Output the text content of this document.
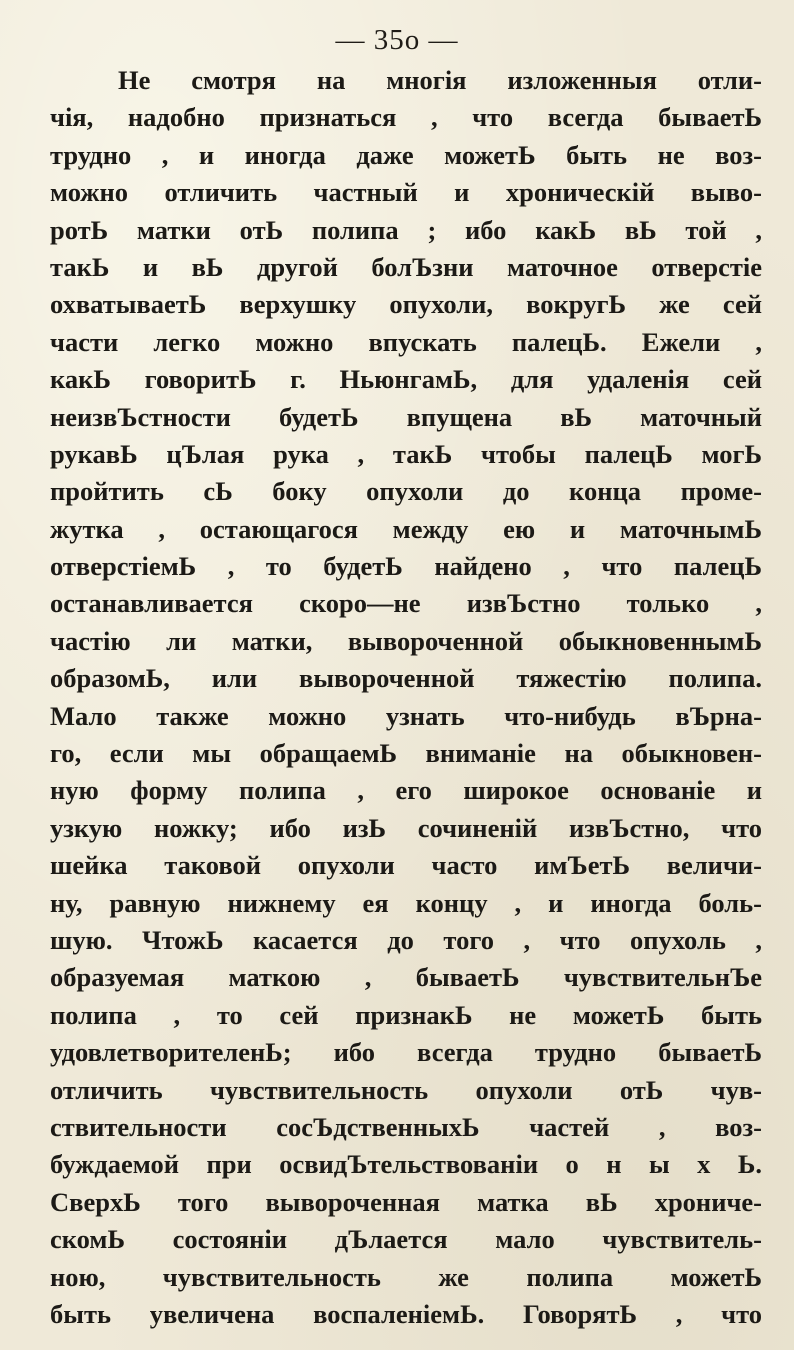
— 35о —
Не смотря на многія изложенныя отли-
чія, надобно признаться , что всегда бываетЬ
трудно , и иногда даже можетЬ быть не воз-
можно отличить частный и хроническій выво-
ротЬ матки отЬ полипа ; ибо какЬ вЬ той ,
такЬ и вЬ другой болЪзни маточное отверстіе
охватываетЬ верхушку опухоли, вокругЬ же сей
части легко можно впускать палецЬ. Ежели ,
какЬ говоритЬ г. НьюнгамЬ, для удаленія сей
неизвЪстности будетЬ впущена вЬ маточный
рукавЬ цЪлая рука , такЬ чтобы палецЬ могЬ
пройтить сЬ боку опухоли до конца проме-
жутка , остающагося между ею и маточнымЬ
отверстіемЬ , то будетЬ найдено , что палецЬ
останавливается скоро—не извЪстно только ,
частію ли матки, вывороченной обыкновеннымЬ
образомЬ, или вывороченной тяжестію полипа.
Мало также можно узнать что-нибудь вЪрна-
го, если мы обращаемЬ вниманіе на обыкновен-
ную форму полипа , его широкое основаніе и
узкую ножку; ибо изЬ сочиненій извЪстно, что
шейка таковой опухоли часто имЪетЬ величи-
ну, равную нижнему ея концу , и иногда боль-
шую. ЧтожЬ касается до того , что опухоль ,
образуемая маткою , бываетЬ чувствительнЪе
полипа , то сей признакЬ не можетЬ быть
удовлетворителенЬ; ибо всегда трудно бываетЬ
отличить чувствительность опухоли отЬ чув-
ствительности сосЪдственныхЬ частей , воз-
буждаемой при освидЪтельствованіи о н ы х Ь.
СверхЬ того вывороченная матка вЬ хрониче-
скомЬ состояніи дЪлается мало чувствитель-
ною, чувствительность же полипа можетЬ
быть увеличена воспаленіемЬ. ГоворятЬ , что
